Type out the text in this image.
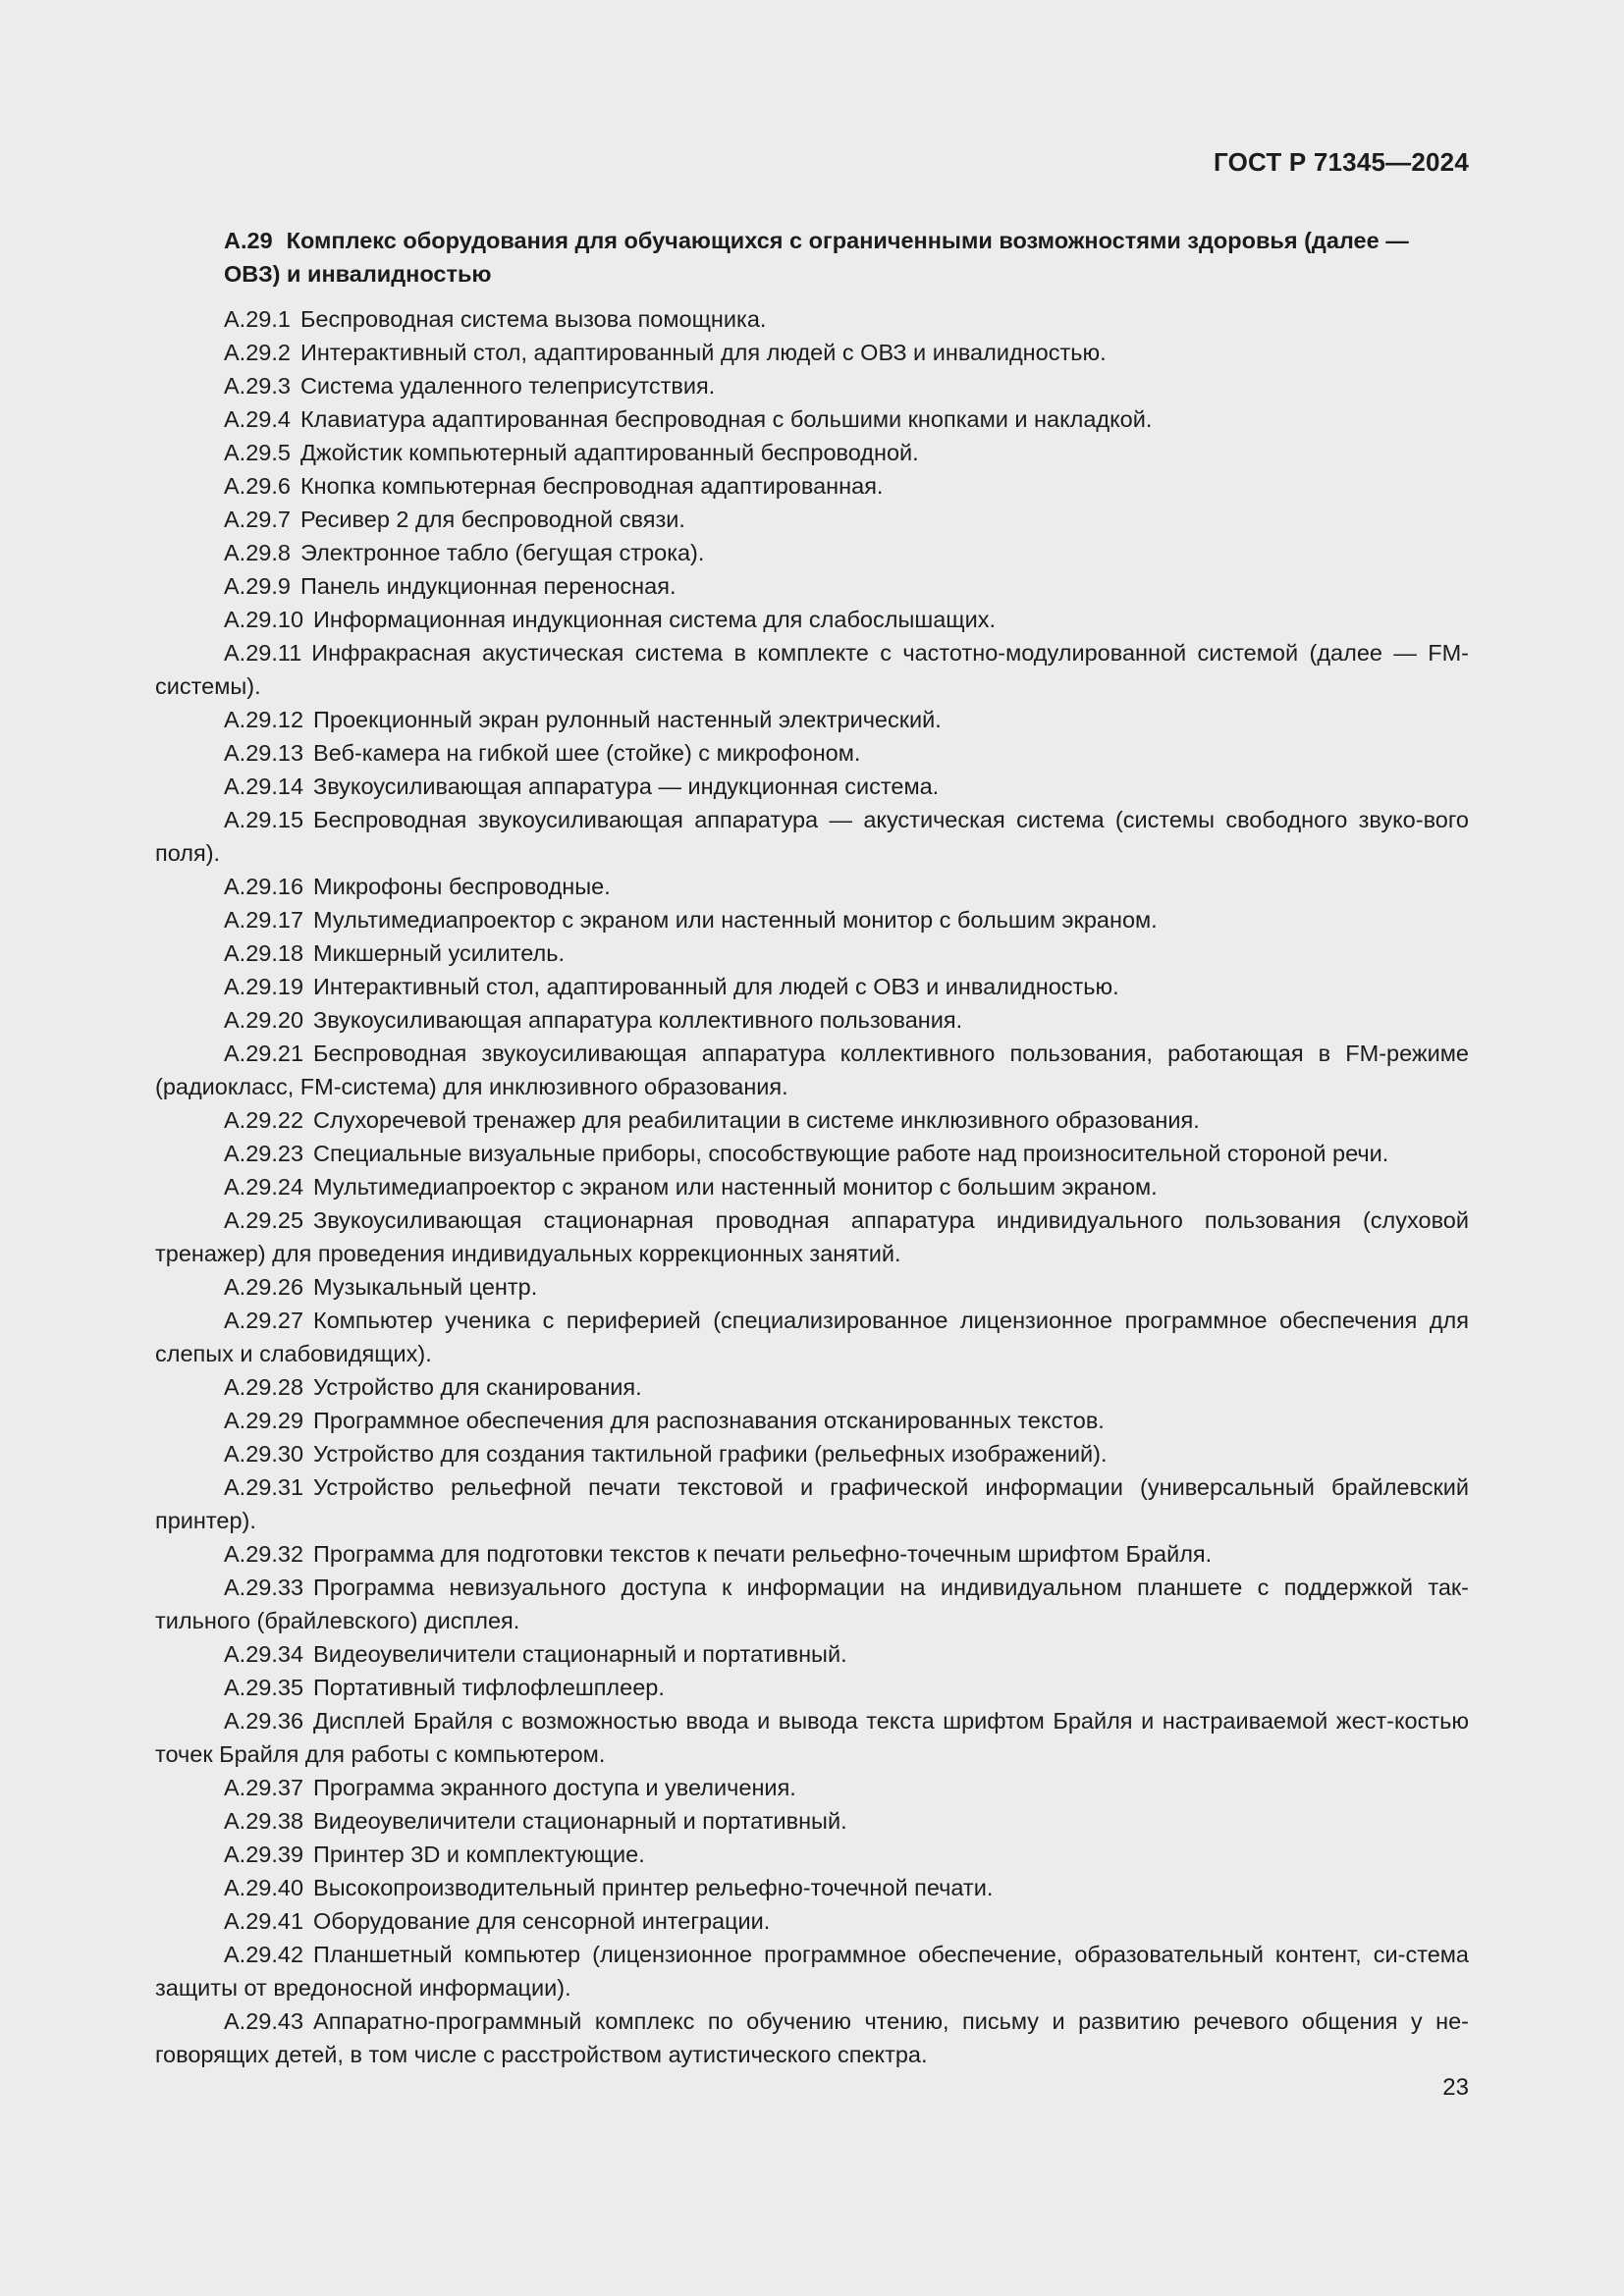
ГОСТ Р 71345—2024

А.29 Комплекс оборудования для обучающихся с ограниченными возможностями здоровья (далее — ОВЗ) и инвалидностью

А.29.1 Беспроводная система вызова помощника.

А.29.2 Интерактивный стол, адаптированный для людей с ОВЗ и инвалидностью.

А.29.3 Система удаленного телеприсутствия.

А.29.4 Клавиатура адаптированная беспроводная с большими кнопками и накладкой.

А.29.5 Джойстик компьютерный адаптированный беспроводной.

А.29.6 Кнопка компьютерная беспроводная адаптированная.

А.29.7 Ресивер 2 для беспроводной связи.

А.29.8 Электронное табло (бегущая строка).

А.29.9 Панель индукционная переносная.

А.29.10 Информационная индукционная система для слабослышащих.

А.29.11 Инфракрасная акустическая система в комплекте с частотно-модулированной системой (далее — FM-системы).

А.29.12 Проекционный экран рулонный настенный электрический.

А.29.13 Веб-камера на гибкой шее (стойке) с микрофоном.

А.29.14 Звукоусиливающая аппаратура — индукционная система.

А.29.15 Беспроводная звукоусиливающая аппаратура — акустическая система (системы свободного звуко-вого поля).

А.29.16 Микрофоны беспроводные.

А.29.17 Мультимедиапроектор с экраном или настенный монитор с большим экраном.

А.29.18 Микшерный усилитель.

А.29.19 Интерактивный стол, адаптированный для людей с ОВЗ и инвалидностью.

А.29.20 Звукоусиливающая аппаратура коллективного пользования.

А.29.21 Беспроводная звукоусиливающая аппаратура коллективного пользования, работающая в FM-режиме (радиокласс, FM-система) для инклюзивного образования.

А.29.22 Слухоречевой тренажер для реабилитации в системе инклюзивного образования.

А.29.23 Специальные визуальные приборы, способствующие работе над произносительной стороной речи.

А.29.24 Мультимедиапроектор с экраном или настенный монитор с большим экраном.

А.29.25 Звукоусиливающая стационарная проводная аппаратура индивидуального пользования (слуховой тренажер) для проведения индивидуальных коррекционных занятий.

А.29.26 Музыкальный центр.

А.29.27 Компьютер ученика с периферией (специализированное лицензионное программное обеспечения для слепых и слабовидящих).

А.29.28 Устройство для сканирования.

А.29.29 Программное обеспечения для распознавания отсканированных текстов.

А.29.30 Устройство для создания тактильной графики (рельефных изображений).

А.29.31 Устройство рельефной печати текстовой и графической информации (универсальный брайлевский принтер).

А.29.32 Программа для подготовки текстов к печати рельефно-точечным шрифтом Брайля.

А.29.33 Программа невизуального доступа к информации на индивидуальном планшете с поддержкой так-тильного (брайлевского) дисплея.

А.29.34 Видеоувеличители стационарный и портативный.

А.29.35 Портативный тифлофлешплеер.

А.29.36 Дисплей Брайля с возможностью ввода и вывода текста шрифтом Брайля и настраиваемой жест-костью точек Брайля для работы с компьютером.

А.29.37 Программа экранного доступа и увеличения.

А.29.38 Видеоувеличители стационарный и портативный.

А.29.39 Принтер 3D и комплектующие.

А.29.40 Высокопроизводительный принтер рельефно-точечной печати.

А.29.41 Оборудование для сенсорной интеграции.

А.29.42 Планшетный компьютер (лицензионное программное обеспечение, образовательный контент, си-стема защиты от вредоносной информации).

А.29.43 Аппаратно-программный комплекс по обучению чтению, письму и развитию речевого общения у не-говорящих детей, в том числе с расстройством аутистического спектра.

23
